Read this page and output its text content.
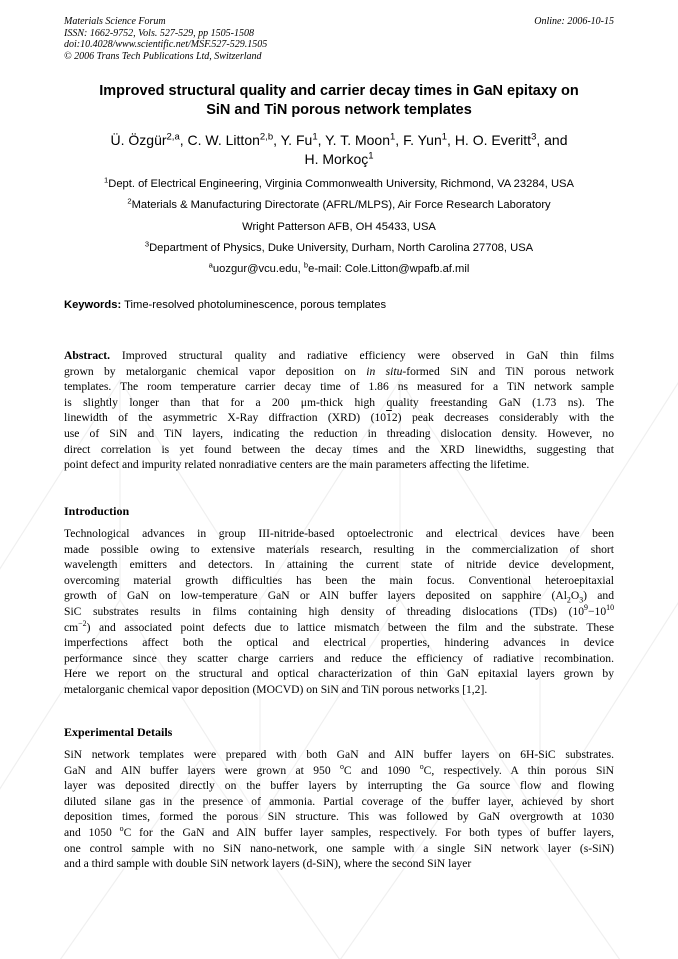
Materials Science Forum
ISSN: 1662-9752, Vols. 527-529, pp 1505-1508
doi:10.4028/www.scientific.net/MSF.527-529.1505
© 2006 Trans Tech Publications Ltd, Switzerland
Online: 2006-10-15
Improved structural quality and carrier decay times in GaN epitaxy on
SiN and TiN porous network templates
Ü. Özgür$^{2,a}$, C. W. Litton$^{2,b}$, Y. Fu$^1$, Y. T. Moon$^1$, F. Yun$^1$, H. O. Everitt$^3$, and
H. Morkoç$^1$
$^1$Dept. of Electrical Engineering, Virginia Commonwealth University, Richmond, VA 23284, USA
$^2$Materials & Manufacturing Directorate (AFRL/MLPS), Air Force Research Laboratory
Wright Patterson AFB, OH 45433, USA
$^3$Department of Physics, Duke University, Durham, North Carolina 27708, USA
$^a$uozgur@vcu.edu, $^b$e-mail: Cole.Litton@wpafb.af.mil
Keywords: Time-resolved photoluminescence, porous templates
Abstract. Improved structural quality and radiative efficiency were observed in GaN thin films
grown by metalorganic chemical vapor deposition on in situ-formed SiN and TiN porous network
templates. The room temperature carrier decay time of 1.86 ns measured for a TiN network sample
is slightly longer than that for a 200 μm-thick high quality freestanding GaN (1.73 ns). The
linewidth of the asymmetric X-Ray diffraction (XRD) (1012) peak decreases considerably with the
use of SiN and TiN layers, indicating the reduction in threading dislocation density. However, no
direct correlation is yet found between the decay times and the XRD linewidths, suggesting that
point defect and impurity related nonradiative centers are the main parameters affecting the lifetime.
Introduction
Technological advances in group III-nitride-based optoelectronic and electrical devices have been
made possible owing to extensive materials research, resulting in the commercialization of short
wavelength emitters and detectors. In attaining the current state of nitride device development,
overcoming material growth difficulties has been the main focus. Conventional heteroepitaxial
growth of GaN on low-temperature GaN or AlN buffer layers deposited on sapphire $(Al_2O_3)$ and
SiC substrates results in films containing high density of threading dislocations (TDs) ($10^9-10^{10}$
$cm^{-2}$) and associated point defects due to lattice mismatch between the film and the substrate. These
imperfections affect both the optical and electrical properties, hindering advances in device
performance since they scatter charge carriers and reduce the efficiency of radiative recombination.
Here we report on the structural and optical characterization of thin GaN epitaxial layers grown by
metalorganic chemical vapor deposition (MOCVD) on SiN and TiN porous networks [1,2].
Experimental Details
SiN network templates were prepared with both GaN and AlN buffer layers on 6H-SiC substrates.
GaN and AlN buffer layers were grown at 950 $^o$C and 1090 $^o$C, respectively. A thin porous SiN
layer was deposited directly on the buffer layers by interrupting the Ga source flow and flowing
diluted silane gas in the presence of ammonia. Partial coverage of the buffer layer, achieved by short
deposition times, formed the porous SiN structure. This was followed by GaN overgrowth at 1030
and 1050 $^o$C for the GaN and AlN buffer layer samples, respectively. For both types of buffer layers,
one control sample with no SiN nano-network, one sample with a single SiN network layer (s-SiN)
and a third sample with double SiN network layers (d-SiN), where the second SiN layer
